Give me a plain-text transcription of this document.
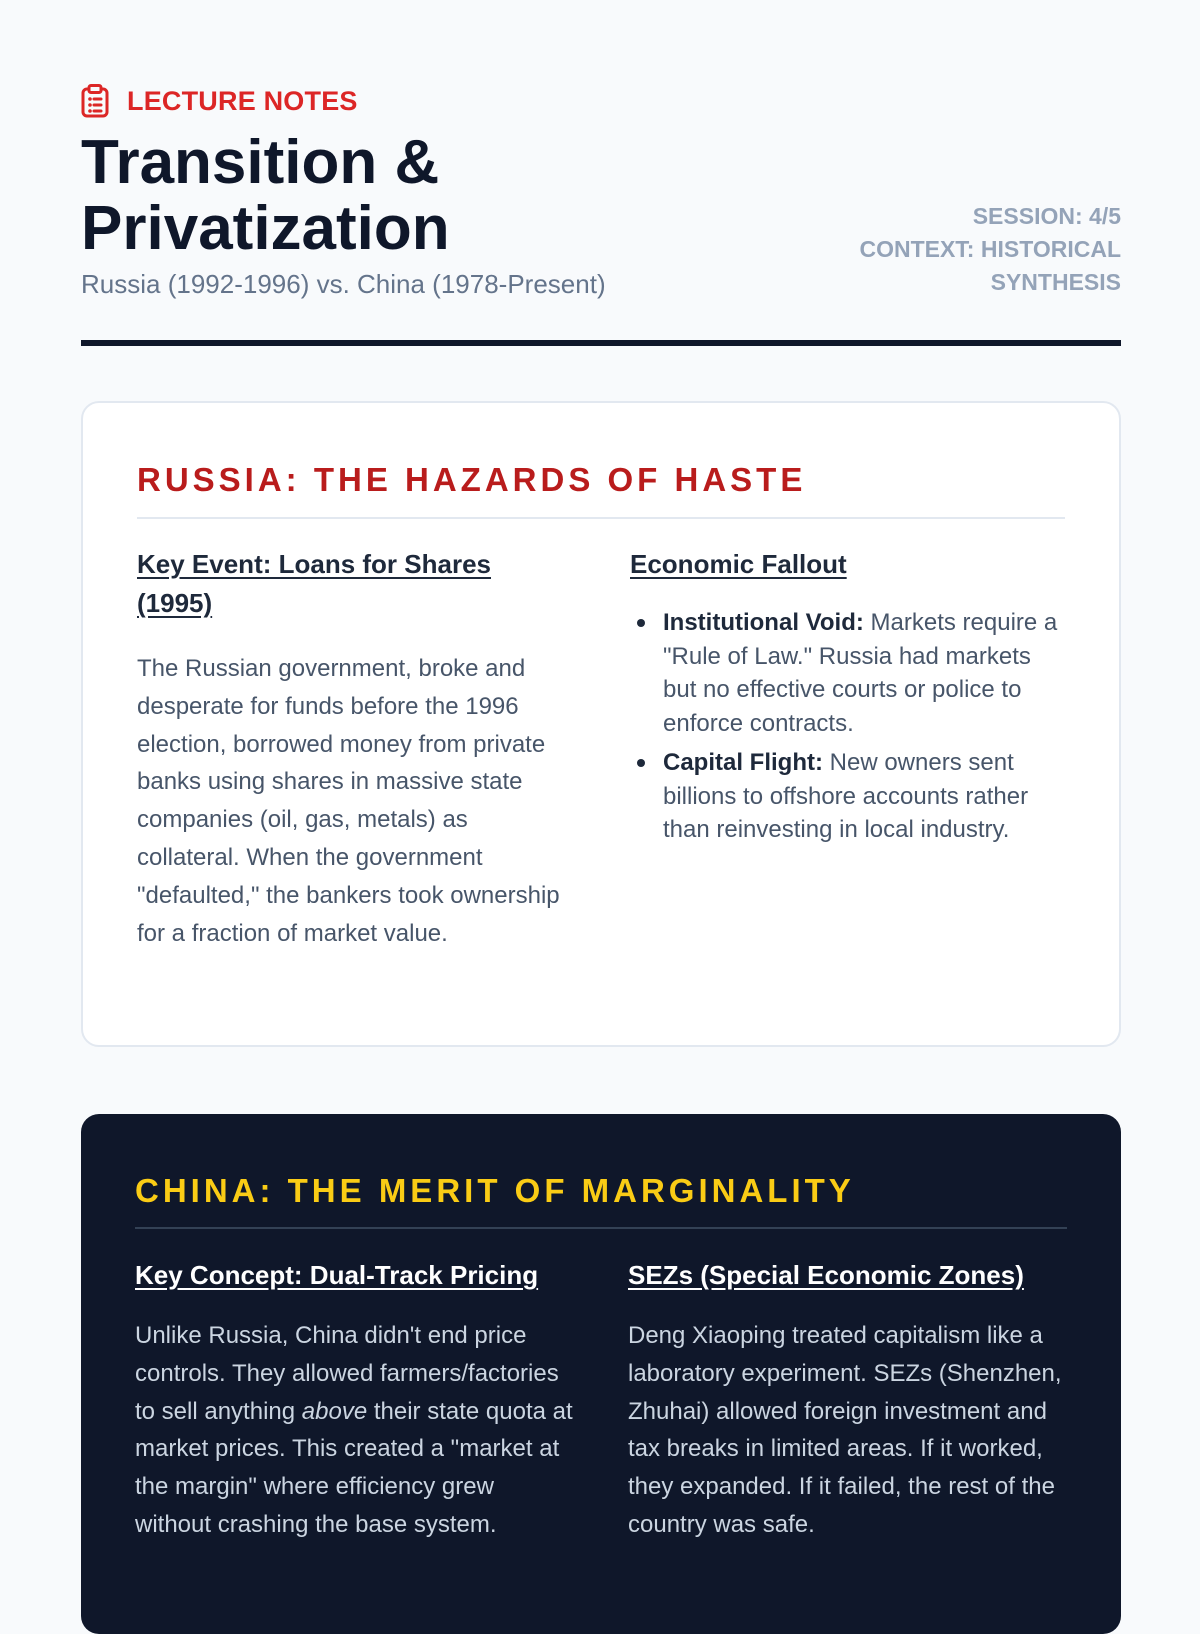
LECTURE NOTES
Transition &
Privatization
Russia (1992-1996) vs. China (1978-Present)
SESSION: 4/5
CONTEXT: HISTORICAL
SYNTHESIS
RUSSIA: THE HAZARDS OF HASTE
Key Event: Loans for Shares
(1995)

The Russian government, broke and desperate for funds before the 1996 election, borrowed money from private banks using shares in massive state companies (oil, gas, metals) as collateral. When the government "defaulted," the bankers took ownership for a fraction of market value.

Economic Fallout
Institutional Void: Markets require a "Rule of Law." Russia had markets but no effective courts or police to enforce contracts.
Capital Flight: New owners sent billions to offshore accounts rather than reinvesting in local industry.
CHINA: THE MERIT OF MARGINALITY
Key Concept: Dual-Track Pricing

Unlike Russia, China didn't end price controls. They allowed farmers/factories to sell anything above their state quota at market prices. This created a "market at the margin" where efficiency grew without crashing the base system.

SEZs (Special Economic Zones)

Deng Xiaoping treated capitalism like a laboratory experiment. SEZs (Shenzhen, Zhuhai) allowed foreign investment and tax breaks in limited areas. If it worked, they expanded. If it failed, the rest of the country was safe.
